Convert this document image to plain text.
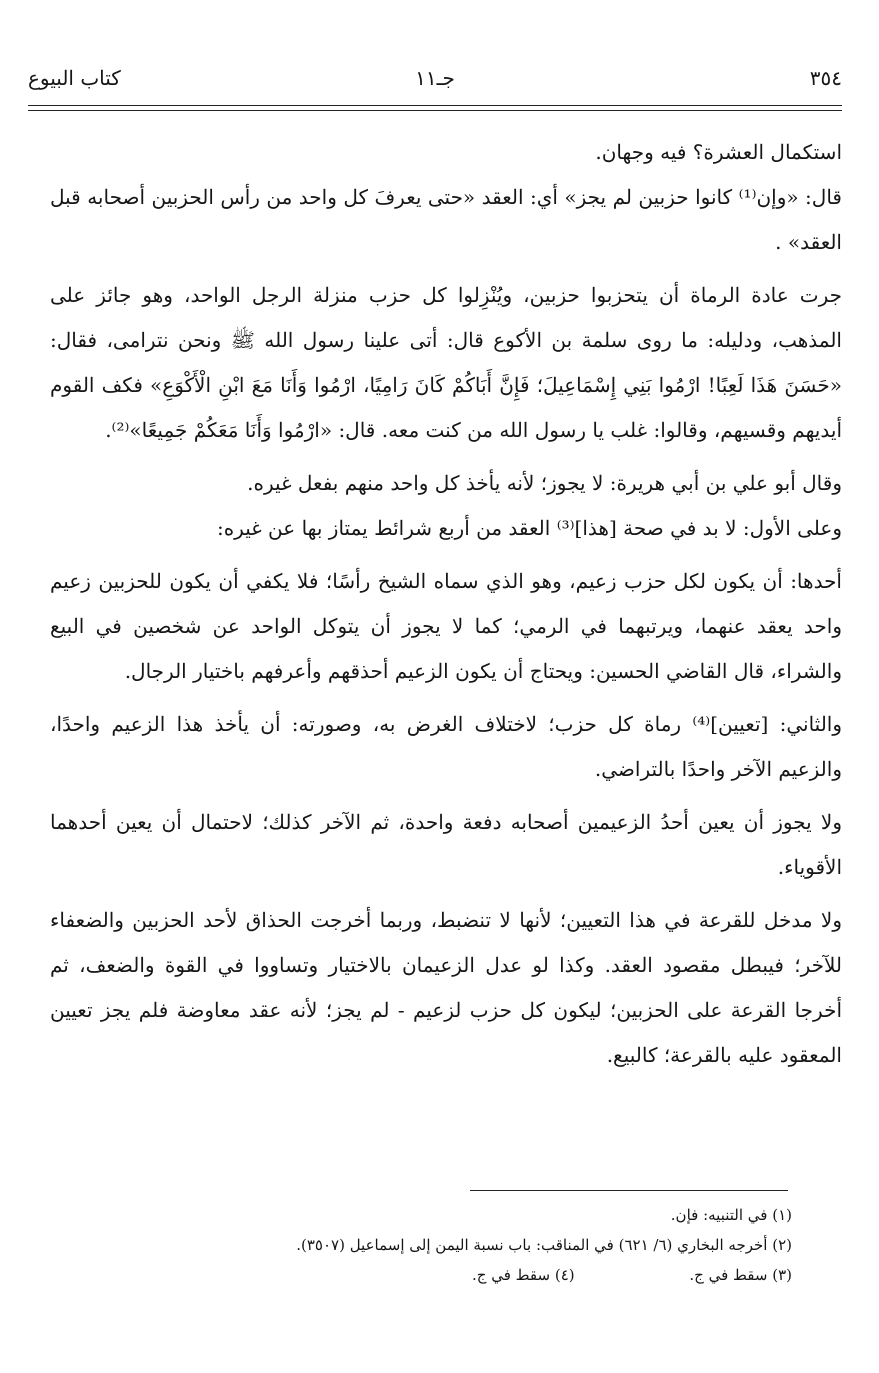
٣٥٤
جـ١١
كتاب البيوع

استكمال العشرة؟ فيه وجهان.

قال: «وإن⁽¹⁾ كانوا حزبين لم يجز» أي: العقد «حتى يعرفَ كل واحد من رأس الحزبين أصحابه قبل العقد» .

جرت عادة الرماة أن يتحزبوا حزبين، ويُنْزِلوا كل حزب منزلة الرجل الواحد، وهو جائز على المذهب، ودليله: ما روى سلمة بن الأكوع قال: أتى علينا رسول الله ﷺ ونحن نترامى، فقال: «حَسَنَ هَذَا لَعِبًا! ارْمُوا بَنِي إِسْمَاعِيلَ؛ فَإِنَّ أَبَاكُمْ كَانَ رَامِيًا، ارْمُوا وَأَنَا مَعَ ابْنِ الْأَكْوَعِ» فكف القوم أيديهم وقسيهم، وقالوا: غلب يا رسول الله من كنت معه. قال: «ارْمُوا وَأَنَا مَعَكُمْ جَمِيعًا»⁽²⁾.

وقال أبو علي بن أبي هريرة: لا يجوز؛ لأنه يأخذ كل واحد منهم بفعل غيره.

وعلى الأول: لا بد في صحة [هذا]⁽³⁾ العقد من أربع شرائط يمتاز بها عن غيره:

أحدها: أن يكون لكل حزب زعيم، وهو الذي سماه الشيخ رأسًا؛ فلا يكفي أن يكون للحزبين زعيم واحد يعقد عنهما، ويرتبهما في الرمي؛ كما لا يجوز أن يتوكل الواحد عن شخصين في البيع والشراء، قال القاضي الحسين: ويحتاج أن يكون الزعيم أحذقهم وأعرفهم باختيار الرجال.

والثاني: [تعيين]⁽⁴⁾ رماة كل حزب؛ لاختلاف الغرض به، وصورته: أن يأخذ هذا الزعيم واحدًا، والزعيم الآخر واحدًا بالتراضي.

ولا يجوز أن يعين أحدُ الزعيمين أصحابه دفعة واحدة، ثم الآخر كذلك؛ لاحتمال أن يعين أحدهما الأقوياء.

ولا مدخل للقرعة في هذا التعيين؛ لأنها لا تنضبط، وربما أخرجت الحذاق لأحد الحزبين والضعفاء للآخر؛ فيبطل مقصود العقد. وكذا لو عدل الزعيمان بالاختيار وتساووا في القوة والضعف، ثم أخرجا القرعة على الحزبين؛ ليكون كل حزب لزعيم - لم يجز؛ لأنه عقد معاوضة فلم يجز تعيين المعقود عليه بالقرعة؛ كالبيع.

(١) في التنبيه: فإن.
(٢) أخرجه البخاري (٦/ ٦٢١) في المناقب: باب نسبة اليمن إلى إسماعيل (٣٥٠٧).
(٣) سقط في ج. (٤) سقط في ج.
